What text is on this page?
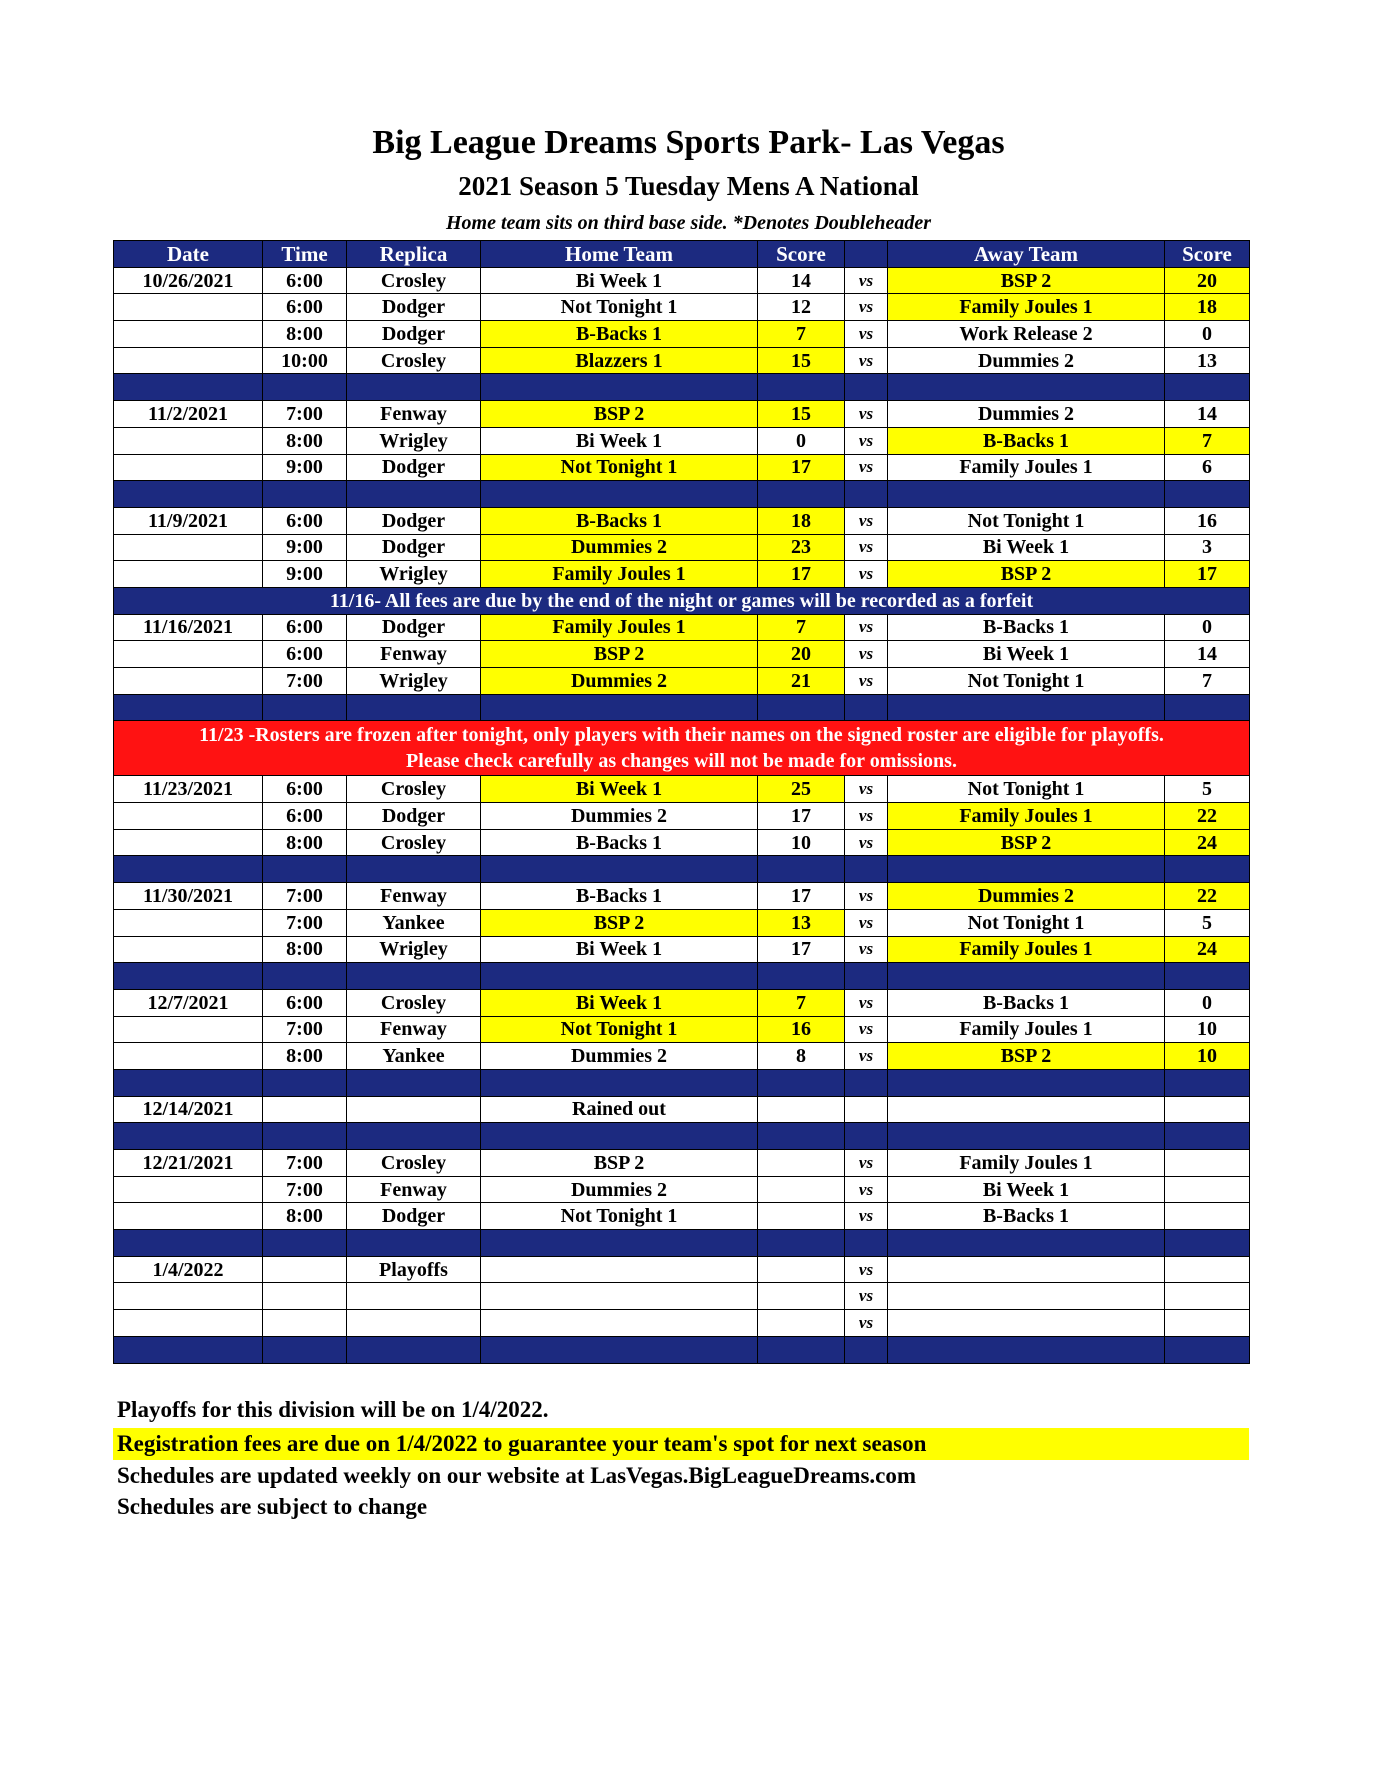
Big League Dreams Sports Park- Las Vegas
2021 Season 5 Tuesday Mens A National
Home team sits on third base side. *Denotes Doubleheader
Date	Time	Replica	Home Team	Score		Away Team	Score
10/26/2021	6:00	Crosley	Bi Week 1	14	vs	BSP 2	20
	6:00	Dodger	Not Tonight 1	12	vs	Family Joules 1	18
	8:00	Dodger	B-Backs 1	7	vs	Work Release 2	0
	10:00	Crosley	Blazzers 1	15	vs	Dummies 2	13

11/2/2021	7:00	Fenway	BSP 2	15	vs	Dummies 2	14
	8:00	Wrigley	Bi Week 1	0	vs	B-Backs 1	7
	9:00	Dodger	Not Tonight 1	17	vs	Family Joules 1	6

11/9/2021	6:00	Dodger	B-Backs 1	18	vs	Not Tonight 1	16
	9:00	Dodger	Dummies 2	23	vs	Bi Week 1	3
	9:00	Wrigley	Family Joules 1	17	vs	BSP 2	17
11/16- All fees are due by the end of the night or games will be recorded as a forfeit							
11/16/2021	6:00	Dodger	Family Joules 1	7	vs	B-Backs 1	0
	6:00	Fenway	BSP 2	20	vs	Bi Week 1	14
	7:00	Wrigley	Dummies 2	21	vs	Not Tonight 1	7

11/23 -Rosters are frozen after tonight, only players with their names on the signed roster are eligible for playoffs.
Please check carefully as changes will not be made for omissions.							

11/23/2021	6:00	Crosley	Bi Week 1	25	vs	Not Tonight 1	5
	6:00	Dodger	Dummies 2	17	vs	Family Joules 1	22
	8:00	Crosley	B-Backs 1	10	vs	BSP 2	24

11/30/2021	7:00	Fenway	B-Backs 1	17	vs	Dummies 2	22
	7:00	Yankee	BSP 2	13	vs	Not Tonight 1	5
	8:00	Wrigley	Bi Week 1	17	vs	Family Joules 1	24

12/7/2021	6:00	Crosley	Bi Week 1	7	vs	B-Backs 1	0
	7:00	Fenway	Not Tonight 1	16	vs	Family Joules 1	10
	8:00	Yankee	Dummies 2	8	vs	BSP 2	10

12/14/2021			Rained out				

12/21/2021	7:00	Crosley	BSP 2		vs	Family Joules 1	
	7:00	Fenway	Dummies 2		vs	Bi Week 1	
	8:00	Dodger	Not Tonight 1		vs	B-Backs 1	

1/4/2022		Playoffs			vs		
					vs		
					vs		

Playoffs for this division will be on 1/4/2022.
Registration fees are due on 1/4/2022 to guarantee your team's spot for next season
Schedules are updated weekly on our website at LasVegas.BigLeagueDreams.com
Schedules are subject to change
